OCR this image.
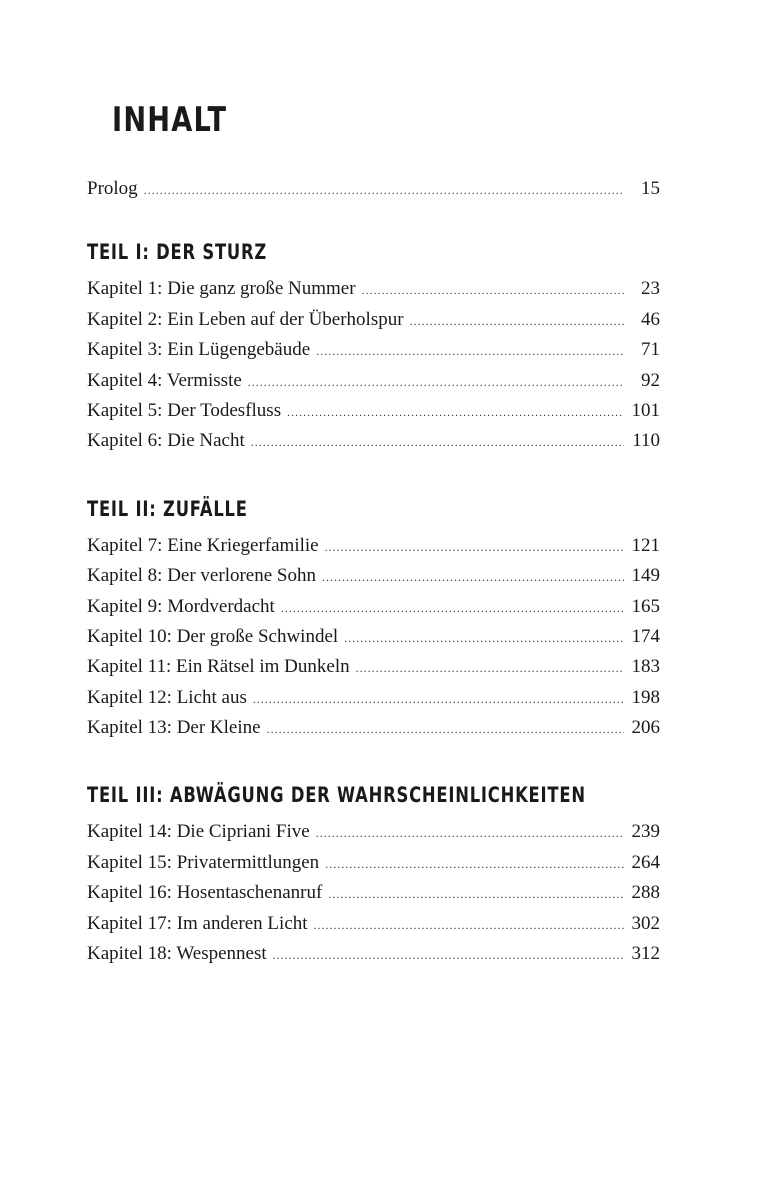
INHALT
Prolog .....	15
TEIL I: DER STURZ
Kapitel 1: Die ganz große Nummer .....	23
Kapitel 2: Ein Leben auf der Überholspur .....	46
Kapitel 3: Ein Lügengebäude .....	71
Kapitel 4: Vermisste .....	92
Kapitel 5: Der Todesfluss .....	101
Kapitel 6: Die Nacht .....	110
TEIL II: ZUFÄLLE
Kapitel 7: Eine Kriegerfamilie .....	121
Kapitel 8: Der verlorene Sohn .....	149
Kapitel 9: Mordverdacht .....	165
Kapitel 10: Der große Schwindel .....	174
Kapitel 11: Ein Rätsel im Dunkeln .....	183
Kapitel 12: Licht aus .....	198
Kapitel 13: Der Kleine .....	206
TEIL III: ABWÄGUNG DER WAHRSCHEINLICHKEITEN
Kapitel 14: Die Cipriani Five .....	239
Kapitel 15: Privatermittlungen .....	264
Kapitel 16: Hosentaschenanruf .....	288
Kapitel 17: Im anderen Licht .....	302
Kapitel 18: Wespennest .....	312
